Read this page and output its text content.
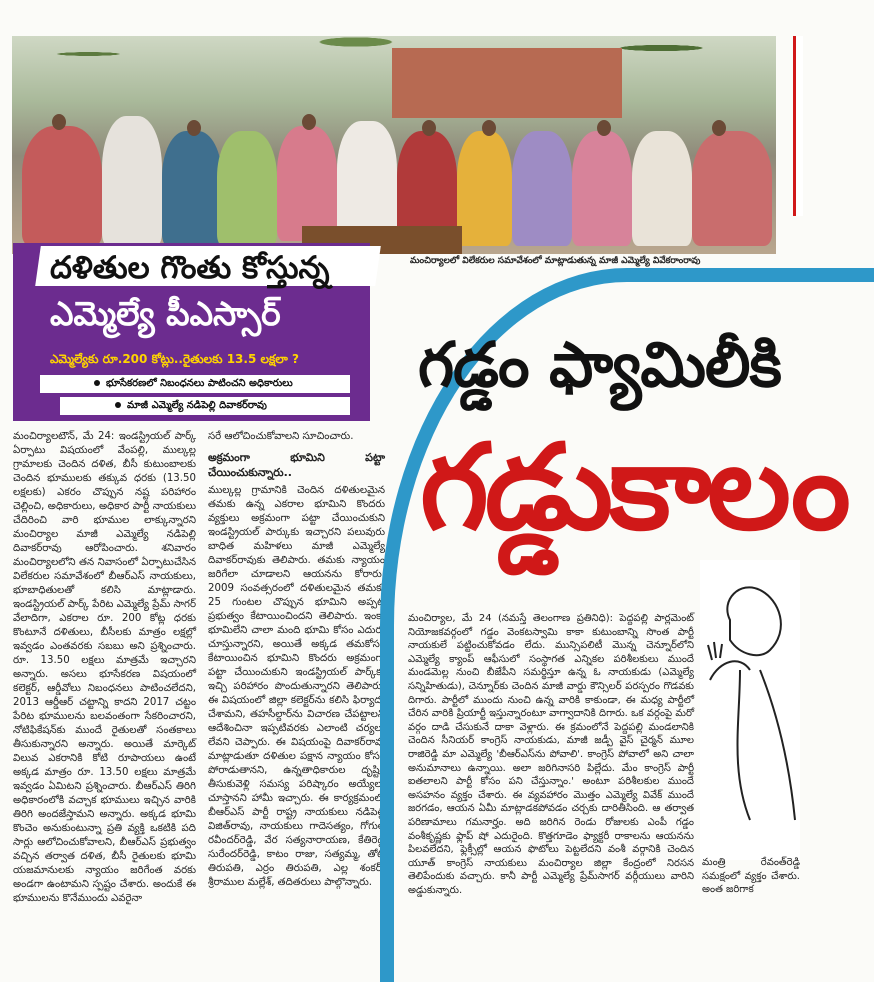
మంచిర్యాలలో విలేకరుల సమావేశంలో మాట్లాడుతున్న మాజీ ఎమ్మెల్యే వివేకరాంరావు
దళితుల గొంతు కోస్తున్న
ఎమ్మెల్యే పీఎస్సార్
ఎమ్మెల్యేకు రూ.200 కోట్లు..రైతులకు 13.5 లక్షలా ?
భూసేకరణలో నిబంధనలు పాటించని అధికారులు
మాజీ ఎమ్మెల్యే నడిపెల్లి దివాకర్‌రావు

మంచిర్యాలటౌన్, మే 24: ఇండస్ట్రియల్ పార్క్ ఏర్పాటు విషయంలో వేంపల్లి, ముల్కల్ల గ్రామాలకు చెందిన దళిత, బీసీ కుటుంబాలకు చెందిన భూములకు తక్కువ ధరకు (13.50 లక్షలకు) ఎకరం చొప్పున నష్ట పరిహారం చెల్లించి, అధికారులు, అధికార పార్టీ నాయకులు చేదిరించి వారి భూముల లాక్కున్నారని మంచిర్యాల మాజీ ఎమ్మెల్యే నడిపెల్లి దివాకర్‌రావు ఆరోపించారు. శనివారం మంచిర్యాలలోని తన నివాసంలో ఏర్పాటుచేసిన విలేకరుల సమావేశంలో బీఆర్ఎస్ నాయకులు, భూబాధితులతో కలిసి మాట్లాడారు. ఇండస్ట్రియల్ పార్క్ పేరిట ఎమ్మెల్యే ప్రేమ్ సాగర్ వేలాదిగా, ఎకరాల రూ. 200 కోట్ల ధరకు కొంటూనే దళితులు, బీసీలకు మాత్రం లక్షల్లో ఇవ్వడం ఎంతవరకు సబబు అని ప్రశ్నించారు. రూ. 13.50 లక్షలు మాత్రమే ఇచ్చారని అన్నారు. అసలు భూసేకరణ విషయంలో కలెక్టర్, ఆర్డీవోలు నిబంధనలు పాటించలేదని, 2013 ఆర్డీఆర్ చట్టాన్ని కాదని 2017 చట్టం పేరిట భూములను బలవంతంగా సేకరించారని, నోటిఫికేషన్‌కు ముందే రైతులతో సంతకాలు తీసుకున్నారని అన్నారు. అయితే మార్కెట్ విలువ ఎకరానికి కోటి రూపాయలు ఉంటే అక్కడ మాత్రం రూ. 13.50 లక్షలు మాత్రమే ఇవ్వడం ఏమిటని ప్రశ్నించారు. బీఆర్ఎస్ తిరిగి అధికారంలోకి వచ్చాక భూములు ఇచ్చిన వారికి తిరిగి అందజేస్తామని అన్నారు. అక్కడ భూమి కొంచెం అనుకుంటున్నా ప్రతి వ్యక్తి ఒకటికి పది సార్లు ఆలోచించుకోవాలని, బీఆర్ఎస్ ప్రభుత్వం వచ్చిన తర్వాత దళిత, బీసీ రైతులకు భూమి యజమానులకు న్యాయం జరిగేంత వరకు అండగా ఉంటామని స్పష్టం చేశారు. అందుకే ఈ భూములను కొనేముందు ఎవరైనా

సరే ఆలోచించుకోవాలని సూచించారు.

అక్రమంగా భూమిని పట్టా చేయించుకున్నారు..

ముల్కల్ల గ్రామానికి చెందిన దళితులమైన తమకు ఉన్న ఎకరాల భూమిని కొందరు వ్యక్తులు అక్రమంగా పట్టా చేయించుకుని ఇండస్ట్రియల్ పార్కుకు ఇచ్చారని పలువురు బాధిత మహిళలు మాజీ ఎమ్మెల్యే దివాకర్‌రావుకు తెలిపారు. తమకు న్యాయం జరిగేలా చూడాలని ఆయనను కోరారు. 2009 సంవత్సరంలో దళితులమైన తమకు 25 గుంటల చొప్పున భూమిని అప్పటి ప్రభుత్వం కేటాయించిందని తెలిపారు. ఇంకా భూమిలేని చాలా మంది భూమి కోసం ఎదురు చూస్తున్నారని, అయితే అక్కడ తమకోసం కేటాయించిన భూమిని కొందరు అక్రమంగా పట్టా చేయించుకుని ఇండస్ట్రియల్ పార్క్‌కు ఇచ్చి పరిహారం పొందుతున్నారని తెలిపారు. ఈ విషయంలో జిల్లా కలెక్టర్‌ను కలిసి ఫిర్యాదు చేశామని, తహసీల్దార్‌ను విచారణ చేపట్టాలని ఆదేశించినా ఇప్పటివరకు ఎలాంటి చర్యలు లేవని చెప్పారు. ఈ విషయంపై దివాకర్‌రావు మాట్లాడుతూ దళితుల పక్షాన న్యాయం కోసం పోరాడుతానని, ఉన్నతాధికారుల దృష్టికి తీసుకువెళ్లి సమస్య పరిష్కారం అయ్యేలా చూస్తానని హామీ ఇచ్చారు. ఈ కార్యక్రమంలో బీఆర్ఎస్ పార్టీ రాష్ట్ర నాయకులు నడిపెల్లి విజిత్‌రావు, నాయకులు గాదెసత్యం, గోగుల రవీందర్‌రెడ్డి, వేర సత్యనారాయణ, కేతిరెడ్డి సురేందర్‌రెడ్డి, కాటం రాజు, సత్యమ్మ, తోట తిరుపతి, ఎర్రం తిరుపతి, ఎల్ల శంకర్, శ్రీరాముల మల్లేశ్, తదితరులు పాల్గొన్నారు.

గడ్డం ఫ్యామిలీకి
గడ్డుకాలం
మంచిర్యాల, మే 24 (నమస్తే తెలంగాణ ప్రతినిధి): పెద్దపల్లి పార్లమెంట్ నియోజకవర్గంలో గడ్డం వెంకటస్వామి కాకా కుటుంబాన్ని సొంత పార్టీ నాయకులే పట్టించుకోవడం లేదు. మున్సిపలిటీ మొన్న చెన్నూర్‌లోని ఎమ్మెల్యే క్యాంప్ ఆఫీసులో సంస్థాగత ఎన్నికల పరిశీలకులు ముందే మండమెల్ల నుంచి బీజేపీని సమర్థిస్తూ ఉన్న ఓ నాయకుడు (ఎమ్మెల్యే సన్నిహితుడు), చెన్నూర్‌కు చెందిన మాజీ వార్డు కౌన్సిలర్ పరస్పరం గొడవకు దిగారు. పార్టీలో ముందు నుంచి ఉన్న వారికి కాకుండా, ఈ మధ్య పార్టీలో చేరిన వారికి ప్రియార్టీ ఇస్తున్నారంటూ వాగ్వాదానికి దిగారు. ఒక వర్గంపై మరో వర్గం దాడి చేసుకునే దాకా వెళ్లారు. ఈ క్రమంలోనే పెద్దపల్లి మండలానికి చెందిన సీనియర్ కాంగ్రెస్ నాయకుడు, మాజీ జడ్పీ వైస్ చైర్మన్ మూల రాజిరెడ్డి మా ఎమ్మెల్యే 'బీఆర్ఎస్‌ను పోవాలి'. కాంగ్రెస్ పోవాలో అని చాలా అనుమానాలు ఉన్నాయి. అలా జరిగినాసరి పిల్లేదు. మేం కాంగ్రెస్ పార్టీ ఐతలాలని పార్టీ కోసం పని చేస్తున్నాం.' అంటూ పరిశీలకుల ముందే అసహనం వ్యక్తం చేశారు. ఈ వ్యవహారం మొత్తం ఎమ్మెల్యే వివేక్ ముందే జరగడం, ఆయన ఏమీ మాట్లాడకపోవడం చర్చకు దారితీసింది. ఆ తర్వాత పరిణామాలు గమనార్హం. అది జరిగిన రెండు రోజులకు ఎంపీ గడ్డం వంశీకృష్ణకు ఫ్లాప్ షో ఎదురైంది. కొత్తగూడెం ఫ్యాక్టరీ రాకాలను ఆయనను పిలవలేదని, ఫ్లెక్సీల్లో ఆయన ఫొటోలు పెట్టలేదని వంశీ వర్గానికి చెందిన యూత్ కాంగ్రెస్ నాయకులు మంచిర్యాల జిల్లా కేంద్రంలో నిరసన తెలిపేందుకు వచ్చారు. కానీ పార్టీ ఎమ్మెల్యే ప్రేమ్‌సాగర్ వర్గీయులు వారిని అడ్డుకున్నారు.
మంత్రి రేవంత్‌రెడ్డి సమక్షంలో వ్యక్తం చేశారు. అంత జరిగాక
